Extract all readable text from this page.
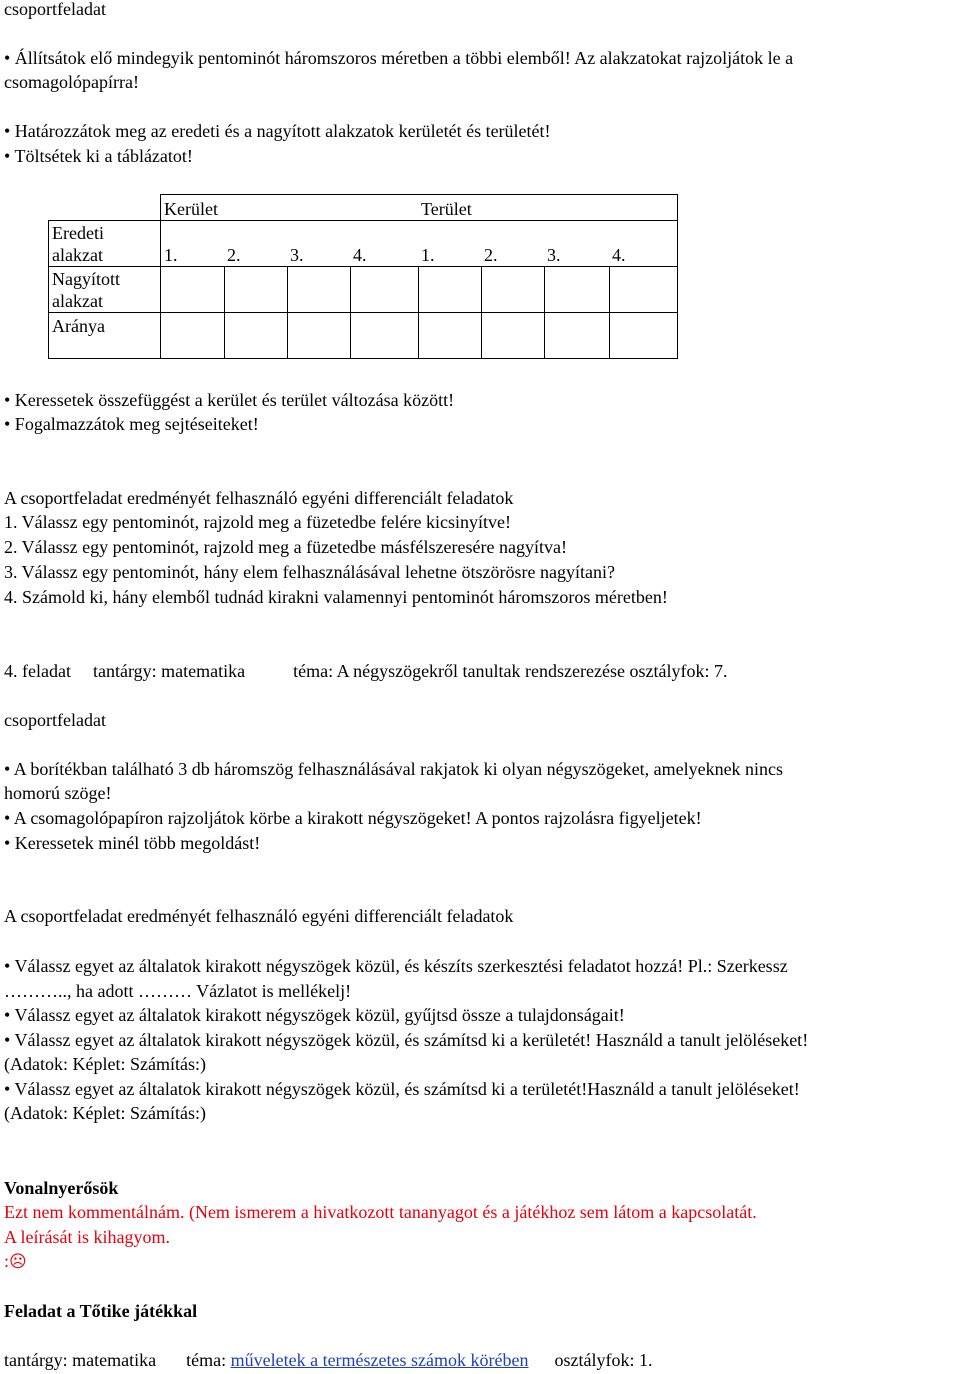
csoportfeladat
• Állítsátok elő mindegyik pentominót háromszoros méretben a többi elemből! Az alakzatokat rajzoljátok le a
csomagolópapírra!
• Határozzátok meg az eredeti és a nagyított alakzatok kerületét és területét!
• Töltsétek ki a táblázatot!
	Kerület				Terület			
Eredeti
alakzat	1.	2.	3.	4.	1.	2.	3.	4.
Nagyított
alakzat								
Aránya								
• Keressetek összefüggést a kerület és terület változása között!
• Fogalmazzátok meg sejtéseiteket!
A csoportfeladat eredményét felhasználó egyéni differenciált feladatok
1. Válassz egy pentominót, rajzold meg a füzetedbe felére kicsinyítve!
2. Válassz egy pentominót, rajzold meg a füzetedbe másfélszeresére nagyítva!
3. Válassz egy pentominót, hány elem felhasználásával lehetne ötszörösre nagyítani?
4. Számold ki, hány elemből tudnád kirakni valamennyi pentominót háromszoros méretben!
4. feladat tantárgy: matematika	téma: A négyszögekről tanultak rendszerezése osztályfok: 7.
csoportfeladat
• A borítékban található 3 db háromszög felhasználásával rakjatok ki olyan négyszögeket, amelyeknek nincs
homorú szöge!
• A csomagolópapíron rajzoljátok körbe a kirakott négyszögeket! A pontos rajzolásra figyeljetek!
• Keressetek minél több megoldást!
A csoportfeladat eredményét felhasználó egyéni differenciált feladatok
• Válassz egyet az általatok kirakott négyszögek közül, és készíts szerkesztési feladatot hozzá! Pl.: Szerkessz
……….., ha adott ……… Vázlatot is mellékelj!
• Válassz egyet az általatok kirakott négyszögek közül, gyűjtsd össze a tulajdonságait!
• Válassz egyet az általatok kirakott négyszögek közül, és számítsd ki a kerületét! Használd a tanult jelöléseket!
(Adatok: Képlet: Számítás:)
• Válassz egyet az általatok kirakott négyszögek közül, és számítsd ki a területét!Használd a tanult jelöléseket!
(Adatok: Képlet: Számítás:)
Vonalnyerősök
Ezt nem kommentálnám. (Nem ismerem a hivatkozott tananyagot és a játékhoz sem látom a kapcsolatát.
A leírását is kihagyom.
:☹
Feladat a Tőtike játékkal
tantárgy: matematika téma: műveletek a természetes számok körében osztályfok: 1.
